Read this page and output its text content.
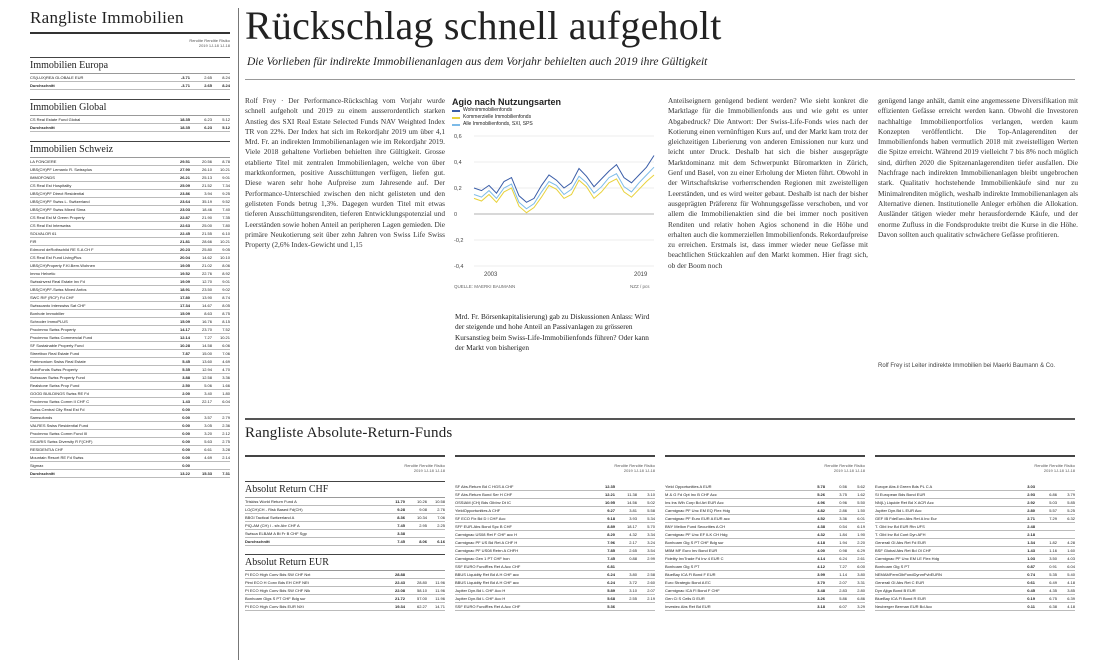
Rangliste Immobilien
Rendite Rendite Risiko
2019 1J-18 1J-18
Immobilien Europa
CS(LUX)REA GLOBALE EUR	-3.71	2.65	8.24
Durchschnitt	-3.71	2.65	8.24
Immobilien Global
CS Real Estate Fund Global	18.35	6.23	5.12
Durchschnitt	18.35	6.23	5.12
Immobilien Schweiz
LA FONCIERE	29.51	20.56	8.78
UBS(CH)PF Lemanic R. Swissplus	27.90	26.10	10.21
IMMOFONDS	26.21	25.13	9.01
CS Real Est Hospitality	25.09	21.52	7.34
UBS(CH)PF Direct Residential	23.86	3.94	9.25
UBS(CH)PF Swiss L. Switzerland	23.64	35.19	9.52
UBS(CH)PF Swiss Mixed Sima	23.03	18.46	7.40
CS Real Est M Green Property	22.87	21.90	7.35
CS Real Est Interswiss	22.63	25.00	7.80
SOLVALOR 61	22.45	21.55	6.10
FIR	21.81	28.66	10.21
Edmond deRothschild RE S.A CH F	20.23	25.80	9.05
CS Real Est Fund LivingPlus	20.04	14.62	10.10
UBS(CH)Property F.Kl.Bern.Wohnen	19.05	21.02	8.06
Immo Helvetic	19.52	22.76	8.92
Swissinvest Real Estate Inv Fd	19.09	12.70	9.01
UBS(CH)PF-Swiss Mixed Anfos	18.91	23.50	9.02
SWC RIF (RCF) Fd CHF	17.80	13.90	8.74
Swisscanto Interswiss Sat CHF	17.34	14.67	8.05
Bonhote Immobilier	15.09	8.63	8.75
Schroder ImmoPLUS	15.09	16.76	8.15
Procimmo Swiss Property	14.17	23.70	7.52
Procimmo Swiss Commercial Fund	12.14	7.27	10.21
SF Sustainable Property Fund	10.28	14.58	6.06
Streetbox Real Estate Fund	7.87	15.00	7.06
Patrimonium Swiss Real Estate	5.45	13.60	4.69
MobiFonds Swiss Property	5.35	12.94	4.70
Swisscan Swiss Property Fund	3.88	12.58	3.36
Realstone Swiss Prop Fund	2.50	5.06	1.66
GOOD BUILDINGS Swiss RE Fd	2.00	3.40	1.80
Procimmo Swiss Comm II CHF C	1.43	22.17	6.04
Swiss Central City Real Est Fd	0.00
Samsufonds	0.00	3.57	2.79
VALRES Swiss Residential Fund	0.00	3.05	2.36
Procimmo Swiss Comm Fund III	0.00	3.20	2.12
SICARIS Swiss Diversity R F(CHF)	0.00	5.63	2.75
RESIDENTIA CHF	0.00	6.61	3.28
Mountain Resort RE Fd Swiss	0.00	4.69	2.14
Sigmax	0.00
Durchschnitt	13.22	15.33	7.31
Rückschlag schnell aufgeholt
Die Vorlieben für indirekte Immobilienanlagen aus dem Vorjahr behielten auch 2019 ihre Gültigkeit
Rolf Frey · Der Performance-Rückschlag vom Vorjahr wurde schnell aufgeholt und 2019 zu einem ausserordentlich starken Anstieg des SXI Real Estate Selected Funds NAV Weighted Index TR von 22%. Der Index hat sich im Rekordjahr 2019 um über 4,1 Mrd. Fr. an indirekten Immobilienanlagen wie im Rekordjahr 2019. Viele 2018 gehaltene Vorlieben behielten ihre Gültigkeit. Grosse etablierte Titel mit zentralen Immobilienlagen, welche von über marktkonformen, positive Ausschüttungen verfügen, liefen gut. Diese waren sehr hohe Aufpreise zum Jahresende auf. Der Performance-Unterschied zwischen den nicht gelisteten und den gelisteten Fonds betrug 1,3%. Dagegen wurden Titel mit etwas tieferen Ausschüttungsrenditen, tieferen Entwicklungspotenzial und Leerständen sowie hohen Anteil an peripheren Lagen gemieden. Die primäre Neukotierung seit über zehn Jahren von Swiss Life Swiss Property (2,6% Index-Gewicht und 1,15
Agio nach Nutzungsarten
Wohnimmobilienfonds
Kommerzielle Immobilienfonds
Alle Immobilienfonds, SXI, SPS
0,6
0,4
0,2
0
-0,2
-0,4
2003	2019
QUELLE: MAERKI BAUMANN	NZZ / pcs
Mrd. Fr. Börsenkapitalisierung) gab zu Diskussionen Anlass: Wird der steigende und hohe Anteil an Passivanlagen zu grösseren Kursanstieg beim Swiss-Life-Immobilienfonds führen? Oder kann der Markt von bisherigen
Anteilseignern genügend bedient werden? Wie sieht konkret die Marktlage für die Immobilienfonds aus und wie geht es unter Abgabedruck? Die Antwort: Der Swiss-Life-Fonds wies nach der Kotierung einen vernünftigen Kurs auf, und der Markt kam trotz der gleichzeitigen Liberierung von anderen Emissionen nur kurz und leicht unter Druck. Deshalb hat sich die bisher ausgeprägte Marktdominanz mit dem Schwerpunkt Büromarkten in Zürich, Genf und Basel, von zu einer Erholung der Mieten führt. Obwohl in der Wirtschaftskrise vorherrschenden Regionen mit zweistelligen Leerständen, und es wird weiter gebaut. Deshalb ist nach der bisher ausgeprägten Präferenz für Wohnungsgefässe verschoben, und vor allem die Immobilienaktien sind die bei immer noch positiven Renditen und relativ hohen Agios schonend in die Höhe und erhalten auch die kommerziellen Immobilienfonds. Rekordaufpreise zu erreichen. Erstmals ist, dass immer wieder neue Gefässe mit beachtlichen Stückzahlen auf den Markt kommen. Hier fragt sich, ob der Boom noch
genügend lange anhält, damit eine angemessene Diversifikation mit effizienten Gefässe erreicht werden kann. Obwohl die Investoren nachhaltige Immobilienportfolios verlangen, werden kaum Konzepten veröffentlicht. Die Top-Anlagerenditen der Immobilienfonds haben vermutlich 2018 mit zweistelligen Werten die Spitze erreicht. Während 2019 vielleicht 7 bis 8% noch möglich sind, dürften 2020 die Spitzenanlagerenditen tiefer ausfallen. Die Nachfrage nach indirekten Immobilienanlagen bleibt ungebrochen stark. Qualitativ hochstehende Immobilienkäufe sind nur zu Minimalrenditen möglich, weshalb indirekte Immobilienanlagen als Alternative dienen. Institutionelle Anleger erhöhen die Allokation. Ausländer tätigen wieder mehr herausfordernde Käufe, und der enorme Zufluss in die Fondsprodukte treibt die Kurse in die Höhe. Davon sollten auch qualitativ schwächere Gefässe profitieren.
Rolf Frey ist Leiter indirekte Immobilien bei Maerki Baumann & Co.
Rangliste Absolute-Return-Funds
Rendite Rendite Risiko
2019 1J-18 1J-18
Absolut Return CHF
Triskiss World Return Fund A	11.70	10.26	10.58
LO(CH)CH - Risk Based Fd(CH)	9.28	9.08	2.76
BBGI Tactical Switzerland A	8.36	10.34	7.06
PIQ-AM (CH) I - sfx Abr CHF A	7.45	2.95	2.25
Swisca ELBAM A Bt Fr B CHF Sgp	3.38
Durchschnitt	7.45	8.06	6.16
Absolut Return EUR
PI ECO High Conv Bds SW CHF Nxt	28.88
Pimi ECO H Conv Bds EH CHF NEt	22.43	28.80	11.96
PI ECO High Conv Bds SW CHF Nlk	22.08	58.10	11.96
Bonhoam Gigs S PT CHF Bdg sur	21.72	57.00	11.96
PI ECO High Conv Bds EUR NXt	19.34	62.27	14.71
Rendite Rendite Risiko
2019 1J-18 1J-18
SF Abs.Return Bd C HGS A CHF	12.35
SF Abs.Return Bond Ser H CHF	12.21	11.38	3.10
OSSIAM (CH) Bds GlbInv Dt IC	10.95	14.56	5.02
YieldOpportunities A CHF	9.27	3.81	5.58
SF ECO Fix Bd D I CHF Acc	9.18	3.93	5.34
SFF EUR-Abs Bond Spc B CHF	8.89	18.17	5.70
Carmignac US08 Ret F CHF acc H	8.20	4.32	3.34
Carmignac PF US Bd Ret A CHF H	7.96	2.17	3.24
Carmignac PF US08 Retrn A CHFH	7.85	2.65	3.54
Carmignac Gen 1 PT CHF hon	7.45	0.88	2.99
SSF EURO FundRes Ret A Acc CHF	6.81
BBUS Liquidity Ret Bd A H CHF acc	6.24	3.80	2.58
BBUS Liquidity Ret Bd A H CHF acc	6.24	3.72	2.60
Jupiter Dyn.Bd L CHF Acc H	5.89	3.10	2.07
Jupiter Dyn.Bd L CHF Acc H	5.68	2.55	2.19
SSF EURO FundRes Ret A Acc CHF	5.36
Rendite Rendite Risiko
2019 1J-18 1J-18
Yield Opportunities A EUR	5.78	0.56	5.62
M & G Fd Opt Inc B CHF Acc	5.26	3.75	1.62
Ins Ins Wlh Corp Bd Art EUR Acc	4.96	0.96	5.50
Carmignac PF Unc EM EQ Flex Hdg	4.82	2.86	1.50
Carmignac PF Euro EUR A EUR acc	4.52	3.36	6.01
BNY Mellon Fund Securities A CH	4.38	0.54	6.19
Carmignac PF Unc EF ILK CH Hdg	4.32	1.84	1.90
Bonhoam Gig S PT CHF Bdg sur	4.18	1.94	2.20
MBM MF Euro Inv Bond EUR	4.00	0.98	6.29
Fidelity InvTrade Fd Inv 4 EUR C	4.14	6.24	2.61
Bonhoam Gig S PT	4.12	7.27	6.00
BlueBay ICA Fl Bond F EUR	3.99	1.14	3.80
Euro Strategic Bond A EC	3.70	2.07	3.31
Carmignac ICA Fl Bond F CHF	3.48	2.83	2.80
Gen Ci S Cells D EUR	3.26	5.86	6.86
Investec Abs Ret Bd EUR	3.18	6.07	3.29
Rendite Rendite Risiko
2019 1J-18 1J-18
Europe Abs.ll Green Bds PL C A	3.03
SI European Bds Bond EUR	2.93	6.86	3.79
NN(L) Liquide Ret Bd X ACR Acc	2.92	5.03	5.85
Jupiter Dyn.Bd L EUR Acc	2.80	5.57	5.25
GEF IB FdeEuro Abs Ret A Inc Eur	2.71	7.29	6.32
T. Glbl Inv Bd EUR Rtn UFS	2.48
T. Glbl Inv Bd Cont Dyn AFH	2.18
Generali GI Abs Ret Fd EUR	1.34	1.82	4.28
BSF Global Abs Ret Bd Ol CHF	1.43	1.16	1.60
Carmignac PF Unc EM LE Flex Hdg	1.03	3.50	4.03
Bonhoam Gig S PT	0.87	0.91	6.04
NEMAMFernGlbFondDynmFvbEURN	0.74	5.35	5.40
Generali GI Abs Ret C EUR	0.61	6.49	4.18
Dyn Ajiga Bond B EUR	0.45	4.35	3.85
BlueBay ICA Fl Bond R EUR	0.19	6.75	6.39
Neuberger Berman EUR Bd Acc	0.11	6.38	4.18
